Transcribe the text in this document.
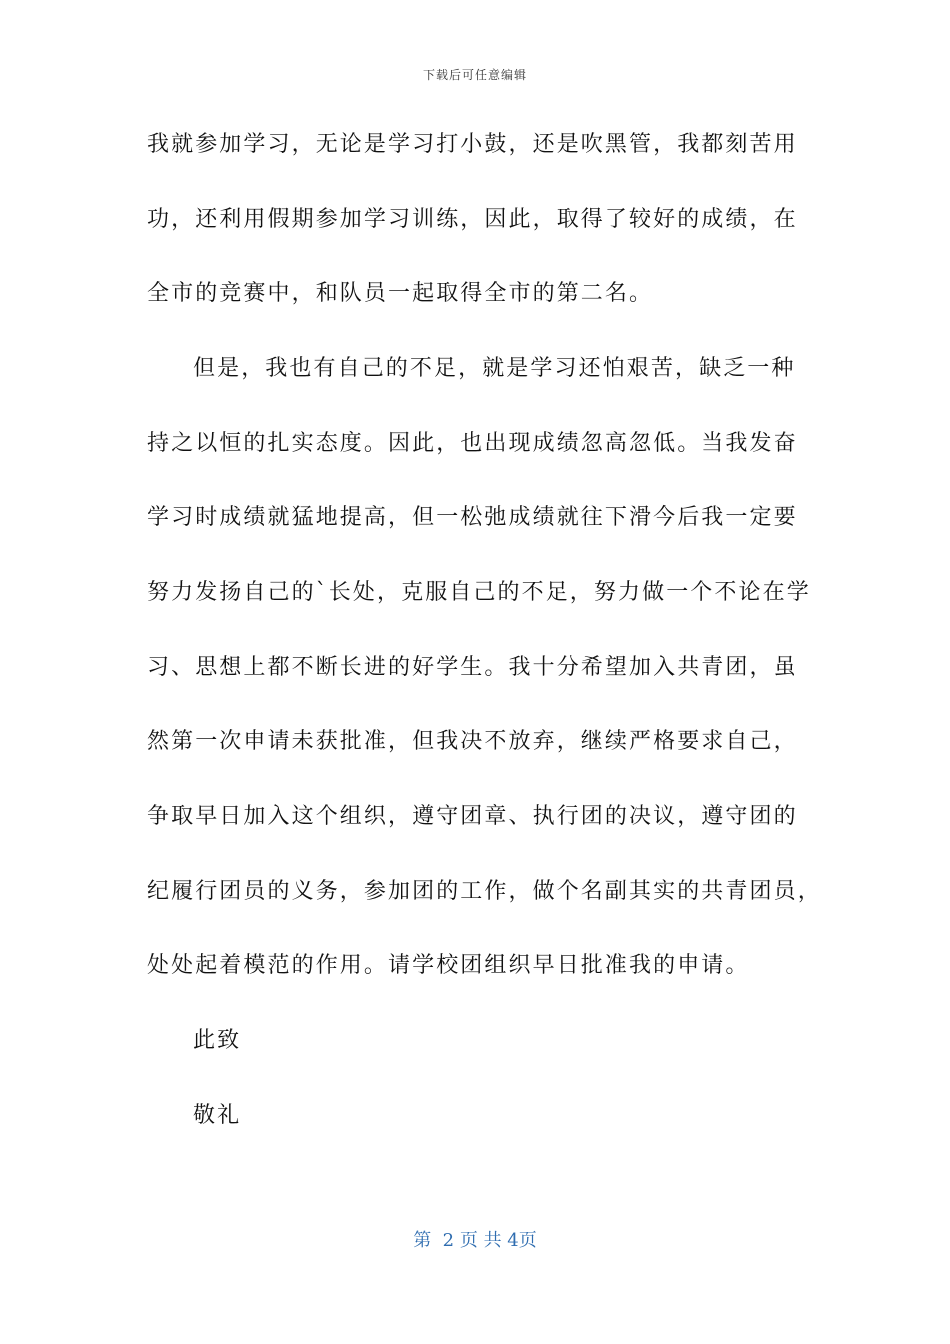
下载后可任意编辑
我就参加学习，无论是学习打小鼓，还是吹黑管，我都刻苦用
功，还利用假期参加学习训练，因此，取得了较好的成绩，在
全市的竞赛中，和队员一起取得全市的第二名。
但是，我也有自己的不足，就是学习还怕艰苦，缺乏一种
持之以恒的扎实态度。因此，也出现成绩忽高忽低。当我发奋
学习时成绩就猛地提高，但一松弛成绩就往下滑今后我一定要
努力发扬自己的`长处，克服自己的不足，努力做一个不论在学
习、思想上都不断长进的好学生。我十分希望加入共青团，虽
然第一次申请未获批准，但我决不放弃，继续严格要求自己，
争取早日加入这个组织，遵守团章、执行团的决议，遵守团的
纪履行团员的义务，参加团的工作，做个名副其实的共青团员，
处处起着模范的作用。请学校团组织早日批准我的申请。
此致
敬礼
第  2 页 共 4页
